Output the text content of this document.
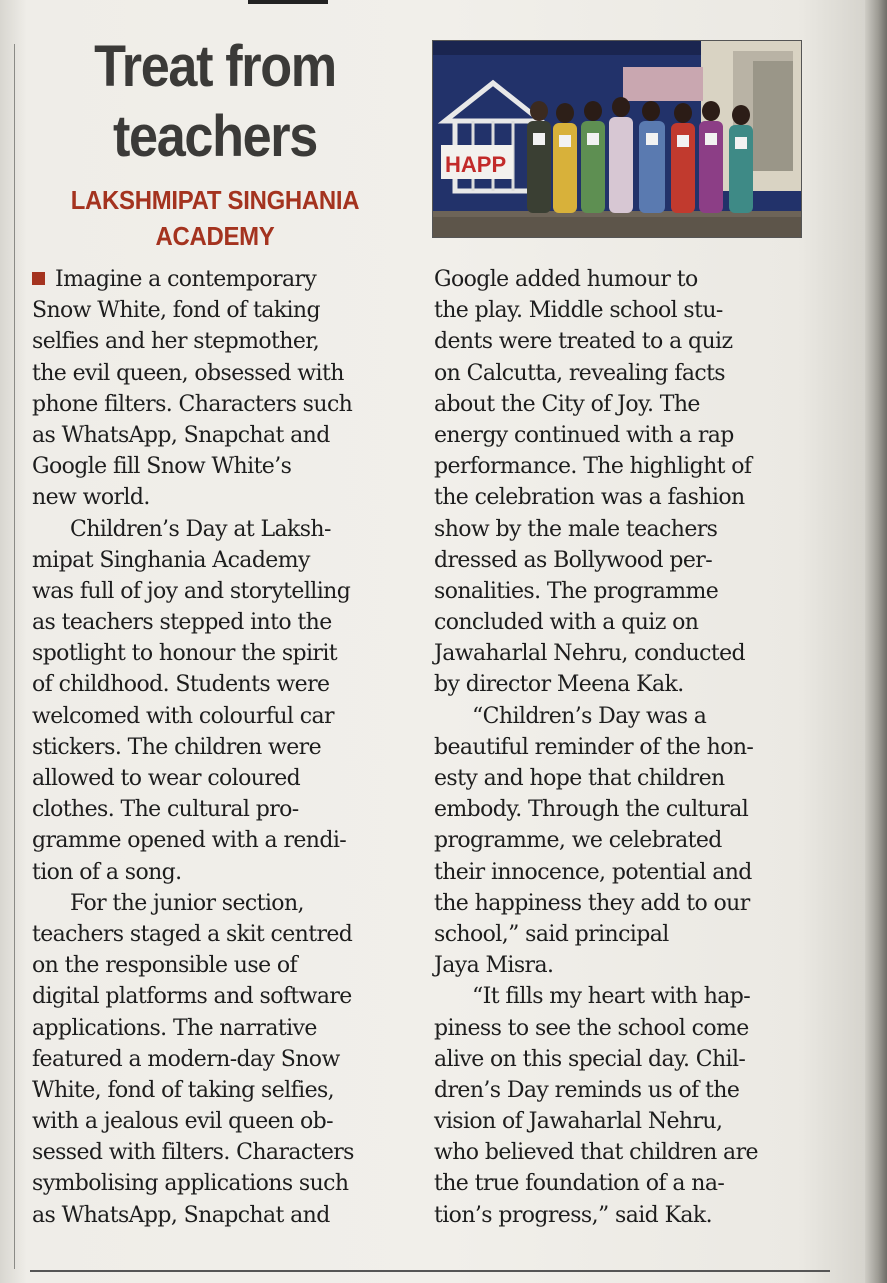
Treat from
teachers
LAKSHMIPAT SINGHANIA
ACADEMY
HAPP
Imagine a contemporary
Snow White, fond of taking
selfies and her stepmother,
the evil queen, obsessed with
phone filters. Characters such
as WhatsApp, Snapchat and
Google fill Snow White’s
new world.
Children’s Day at Laksh-
mipat Singhania Academy
was full of joy and storytelling
as teachers stepped into the
spotlight to honour the spirit
of childhood. Students were
welcomed with colourful car
stickers. The children were
allowed to wear coloured
clothes. The cultural pro-
gramme opened with a rendi-
tion of a song.
For the junior section,
teachers staged a skit centred
on the responsible use of
digital platforms and software
applications. The narrative
featured a modern-day Snow
White, fond of taking selfies,
with a jealous evil queen ob-
sessed with filters. Characters
symbolising applications such
as WhatsApp, Snapchat and
Google added humour to
the play. Middle school stu-
dents were treated to a quiz
on Calcutta, revealing facts
about the City of Joy. The
energy continued with a rap
performance. The highlight of
the celebration was a fashion
show by the male teachers
dressed as Bollywood per-
sonalities. The programme
concluded with a quiz on
Jawaharlal Nehru, conducted
by director Meena Kak.
“Children’s Day was a
beautiful reminder of the hon-
esty and hope that children
embody. Through the cultural
programme, we celebrated
their innocence, potential and
the happiness they add to our
school,” said principal
Jaya Misra.
“It fills my heart with hap-
piness to see the school come
alive on this special day. Chil-
dren’s Day reminds us of the
vision of Jawaharlal Nehru,
who believed that children are
the true foundation of a na-
tion’s progress,” said Kak.
